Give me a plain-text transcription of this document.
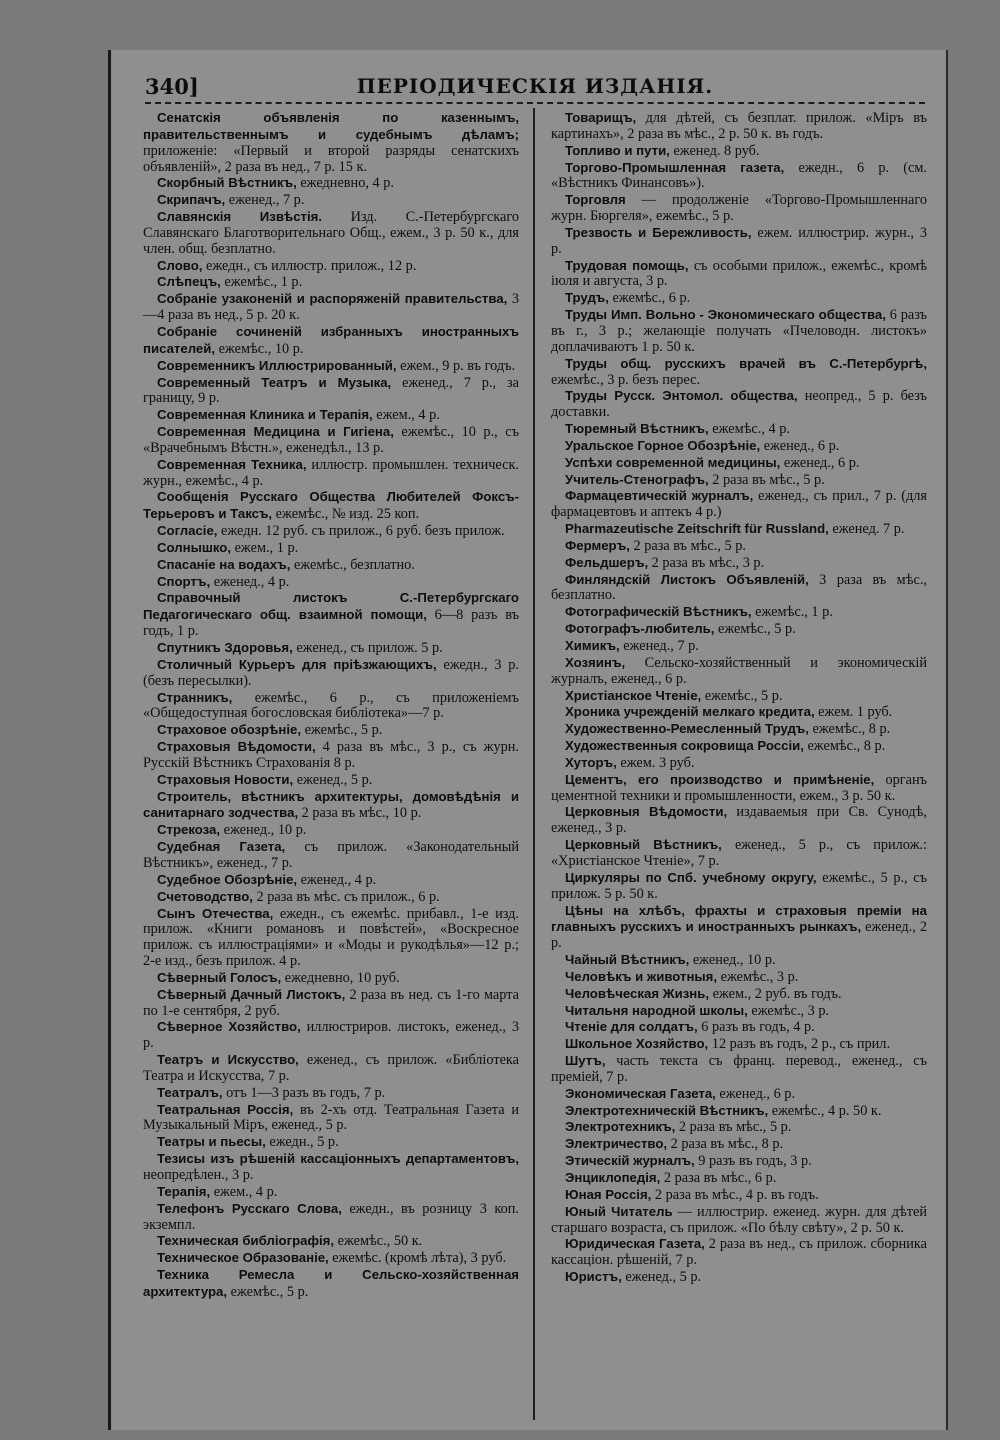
340]	ПЕРІОДИЧЕСКІЯ ИЗДАНІЯ.

Сенатскія объявленія по казеннымъ, правительственнымъ и судебнымъ дѣламъ; приложеніе: «Первый и второй разряды сенатскихъ объявленій», 2 раза въ нед., 7 р. 15 к.

Скорбный Вѣстникъ, ежедневно, 4 р.

Скрипачъ, еженед., 7 р.

Славянскія Извѣстія. Изд. С.-Петербургскаго Славянскаго Благотворительнаго Общ., ежем., 3 р. 50 к., для член. общ. безплатно.

Слово, ежедн., съ иллюстр. прилож., 12 р.

Слѣпецъ, ежемѣс., 1 р.

Собраніе узаконеній и распоряженій правительства, 3—4 раза въ нед., 5 р. 20 к.

Собраніе сочиненій избранныхъ иностранныхъ писателей, ежемѣс., 10 р.

Современникъ Иллюстрированный, ежем., 9 р. въ годъ.

Современный Театръ и Музыка, еженед., 7 р., за границу, 9 р.

Современная Клиника и Терапія, ежем., 4 р.

Современная Медицина и Гигіена, ежемѣс., 10 р., съ «Врачебнымъ Вѣстн.», еженедѣл., 13 р.

Современная Техника, иллюстр. промышлен. техническ. журн., ежемѣс., 4 р.

Сообщенія Русскаго Общества Любителей Фоксъ-Терьеровъ и Таксъ, ежемѣс., № изд. 25 коп.

Согласіе, ежедн. 12 руб. съ прилож., 6 руб. безъ прилож.

Солнышко, ежем., 1 р.

Спасаніе на водахъ, ежемѣс., безплатно.

Спортъ, еженед., 4 р.

Справочный листокъ С.-Петербургскаго Педагогическаго общ. взаимной помощи, 6—8 разъ въ годъ, 1 р.

Спутникъ Здоровья, еженед., съ прилож. 5 р.

Столичный Курьеръ для пріѣзжающихъ, ежедн., 3 р. (безъ пересылки).

Странникъ, ежемѣс., 6 р., съ приложеніемъ «Общедоступная богословская библіотека»—7 р.

Страховое обозрѣніе, ежемѣс., 5 р.

Страховыя Вѣдомости, 4 раза въ мѣс., 3 р., съ журн. Русскій Вѣстникъ Страхованія 8 р.

Страховыя Новости, еженед., 5 р.

Строитель, вѣстникъ архитектуры, домовѣдѣнія и санитарнаго зодчества, 2 раза въ мѣс., 10 р.

Стрекоза, еженед., 10 р.

Судебная Газета, съ прилож. «Законодательный Вѣстникъ», еженед., 7 р.

Судебное Обозрѣніе, еженед., 4 р.

Счетоводство, 2 раза въ мѣс. съ прилож., 6 р.

Сынъ Отечества, ежедн., съ ежемѣс. прибавл., 1-е изд. прилож. «Книги романовъ и повѣстей», «Воскресное прилож. съ иллюстраціями» и «Моды и рукодѣлья»—12 р.; 2-е изд., безъ прилож. 4 р.

Сѣверный Голосъ, ежедневно, 10 руб.

Сѣверный Дачный Листокъ, 2 раза въ нед. съ 1-го марта по 1-е сентября, 2 руб.

Сѣверное Хозяйство, иллюстриров. листокъ, еженед., 3 р.

Театръ и Искусство, еженед., съ прилож. «Библіотека Театра и Искусства, 7 р.

Театралъ, отъ 1—3 разъ въ годъ, 7 р.

Театральная Россія, въ 2-хъ отд. Театральная Газета и Музыкальный Міръ, еженед., 5 р.

Театры и пьесы, ежедн., 5 р.

Тезисы изъ рѣшеній кассаціонныхъ департаментовъ, неопредѣлен., 3 р.

Терапія, ежем., 4 р.

Телефонъ Русскаго Слова, ежедн., въ розницу 3 коп. экземпл.

Техническая библіографія, ежемѣс., 50 к.

Техническое Образованіе, ежемѣс. (кромѣ лѣта), 3 руб.

Техника Ремесла и Сельско-хозяйственная архитектура, ежемѣс., 5 р.

Товарищъ, для дѣтей, съ безплат. прилож. «Міръ въ картинахъ», 2 раза въ мѣс., 2 р. 50 к. въ годъ.

Топливо и пути, еженед. 8 руб.

Торгово-Промышленная газета, ежедн., 6 р. (см. «Вѣстникъ Финансовъ»).

Торговля — продолженіе «Торгово-Промышленнаго журн. Бюргеля», ежемѣс., 5 р.

Трезвость и Бережливость, ежем. иллюстрир. журн., 3 р.

Трудовая помощь, съ особыми прилож., ежемѣс., кромѣ іюля и августа, 3 р.

Трудъ, ежемѣс., 6 р.

Труды Имп. Вольно - Экономическаго общества, 6 разъ въ г., 3 р.; желающіе получать «Пчеловодн. листокъ» доплачиваютъ 1 р. 50 к.

Труды общ. русскихъ врачей въ С.-Петербургѣ, ежемѣс., 3 р. безъ перес.

Труды Русск. Энтомол. общества, неопред., 5 р. безъ доставки.

Тюремный Вѣстникъ, ежемѣс., 4 р.

Уральское Горное Обозрѣніе, еженед., 6 р.

Успѣхи современной медицины, еженед., 6 р.

Учитель-Стенографъ, 2 раза въ мѣс., 5 р.

Фармацевтическій журналъ, еженед., съ прил., 7 р. (для фармацевтовъ и аптекъ 4 р.)

Pharmazeutische Zeitschrift für Russland, еженед. 7 р.

Фермеръ, 2 раза въ мѣс., 5 р.

Фельдшеръ, 2 раза въ мѣс., 3 р.

Финляндскій Листокъ Объявленій, 3 раза въ мѣс., безплатно.

Фотографическій Вѣстникъ, ежемѣс., 1 р.

Фотографъ-любитель, ежемѣс., 5 р.

Химикъ, еженед., 7 р.

Хозяинъ, Сельско-хозяйственный и экономическій журналъ, еженед., 6 р.

Христіанское Чтеніе, ежемѣс., 5 р.

Хроника учрежденій мелкаго кредита, ежем. 1 руб.

Художественно-Ремесленный Трудъ, ежемѣс., 8 р.

Художественныя сокровища Россіи, ежемѣс., 8 р.

Хуторъ, ежем. 3 руб.

Цементъ, его производство и примѣненіе, органъ цементной техники и промышленности, ежем., 3 р. 50 к.

Церковныя Вѣдомости, издаваемыя при Св. Сунодѣ, еженед., 3 р.

Церковный Вѣстникъ, еженед., 5 р., съ прилож.: «Христіанское Чтеніе», 7 р.

Циркуляры по Спб. учебному округу, ежемѣс., 5 р., съ прилож. 5 р. 50 к.

Цѣны на хлѣбъ, фрахты и страховыя преміи на главныхъ русскихъ и иностранныхъ рынкахъ, еженед., 2 р.

Чайный Вѣстникъ, еженед., 10 р.

Человѣкъ и животныя, ежемѣс., 3 р.

Человѣческая Жизнь, ежем., 2 руб. въ годъ.

Читальня народной школы, ежемѣс., 3 р.

Чтеніе для солдатъ, 6 разъ въ годъ, 4 р.

Школьное Хозяйство, 12 разъ въ годъ, 2 р., съ прил.

Шутъ, часть текста съ франц. перевод., еженед., съ преміей, 7 р.

Экономическая Газета, еженед., 6 р.

Электротехническій Вѣстникъ, ежемѣс., 4 р. 50 к.

Электротехникъ, 2 раза въ мѣс., 5 р.

Электричество, 2 раза въ мѣс., 8 р.

Этическій журналъ, 9 разъ въ годъ, 3 р.

Энциклопедія, 2 раза въ мѣс., 6 р.

Юная Россія, 2 раза въ мѣс., 4 р. въ годъ.

Юный Читатель — иллюстрир. еженед. журн. для дѣтей старшаго возраста, съ прилож. «По бѣлу свѣту», 2 р. 50 к.

Юридическая Газета, 2 раза въ нед., съ прилож. сборника кассаціон. рѣшеній, 7 р.

Юристъ, еженед., 5 р.
